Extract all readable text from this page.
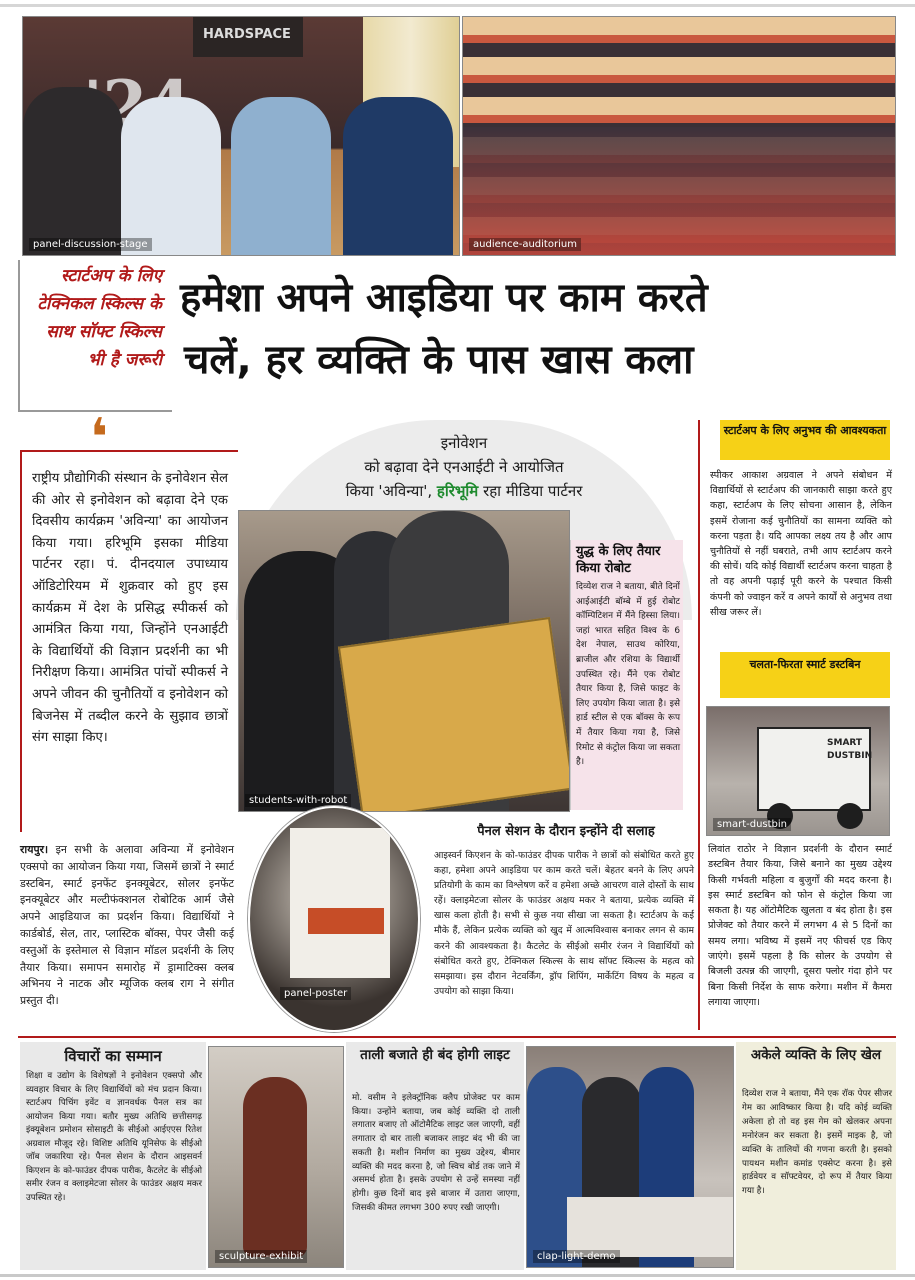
HARDSPACE
panel-discussion-stage	audience-auditorium
स्टार्टअप के लिए टेक्निकल स्किल्स के साथ सॉफ्ट स्किल्स भी है जरूरी
हमेशा अपने आइडिया पर काम करते
चलें, हर व्यक्ति के पास खास कला
❛
राष्ट्रीय प्रौद्योगिकी संस्थान के इनोवेशन सेल की ओर से इनोवेशन को बढ़ावा देने एक दिवसीय कार्यक्रम 'अविन्या' का आयोजन किया गया। हरिभूमि इसका मीडिया पार्टनर रहा। पं. दीनदयाल उपाध्याय ऑडिटोरियम में शुक्रवार को हुए इस कार्यक्रम में देश के प्रसिद्ध स्पीकर्स को आमंत्रित किया गया, जिन्होंने एनआईटी के विद्यार्थियों की विज्ञान प्रदर्शनी का भी निरीक्षण किया। आमंत्रित पांचों स्पीकर्स ने अपने जीवन की चुनौतियों व इनोवेशन को बिजनेस में तब्दील करने के सुझाव छात्रों संग साझा किए।
रायपुर। इन सभी के अलावा अविन्या में इनोवेशन एक्सपो का आयोजन किया गया, जिसमें छात्रों ने स्मार्ट डस्टबिन, स्मार्ट इनफेंट इनक्यूबेटर, सोलर इनफेंट इनक्यूबेटर और मल्टीफंक्शनल रोबोटिक आर्म जैसे अपने आइडियाज का प्रदर्शन किया। विद्यार्थियों ने कार्डबोर्ड, सेल, तार, प्लास्टिक बॉक्स, पेपर जैसी कई वस्तुओं के इस्तेमाल से विज्ञान मॉडल प्रदर्शनी के लिए तैयार किया। समापन समारोह में ड्रामाटिक्स क्लब अभिनय ने नाटक और म्यूजिक क्लब राग ने संगीत प्रस्तुत दी।
इनोवेशन
को बढ़ावा देने एनआईटी ने आयोजित
किया 'अविन्या', हरिभूमि रहा मीडिया पार्टनर
students-with-robot
युद्ध के लिए तैयार किया रोबोट
दिव्येश राज ने बताया, बीते दिनों आईआईटी बॉम्बे में हुई रोबोट कॉम्पिटिशन में मैंने हिस्सा लिया। जहां भारत सहित विश्व के 6 देश नेपाल, साउथ कोरिया, ब्राजील और रशिया के विद्यार्थी उपस्थित रहे। मैंने एक रोबोट तैयार किया है, जिसे फाइट के लिए उपयोग किया जाता है। इसे हार्ड स्टील से एक बॉक्स के रूप में तैयार किया गया है, जिसे रिमोट से कंट्रोल किया जा सकता है।
panel-poster
पैनल सेशन के दौरान इन्होंने दी सलाह
आइस्वर्न किएशन के को-फाउंडर दीपक पारीक ने छात्रों को संबोधित करते हुए कहा, हमेशा अपने आइडिया पर काम करते चलें। बेहतर बनने के लिए अपने प्रतियोगी के काम का विश्लेषण करें व हमेशा अच्छे आचरण वाले दोस्तों के साथ रहें। क्लाइमेटजा सोलर के फाउंडर अक्षय मकर ने बताया, प्रत्येक व्यक्ति में खास कला होती है। सभी से कुछ नया सीखा जा सकता है। स्टार्टअप के कई मौके हैं, लेकिन प्रत्येक व्यक्ति को खुद में आत्मविश्वास बनाकर लगन से काम करने की आवश्यकता है। कैटलेट के सीईओ समीर रंजन ने विद्यार्थियों को संबोधित करते हुए, टेक्निकल स्किल्स के साथ सॉफ्ट स्किल्स के महत्व को समझाया। इस दौरान नेटवर्किंग, ड्रॉप शिपिंग, मार्केटिंग विषय के महत्व व उपयोग को साझा किया।
स्टार्टअप के लिए अनुभव की आवश्यकता
स्पीकर आकाश अग्रवाल ने अपने संबोधन में विद्यार्थियों से स्टार्टअप की जानकारी साझा करते हुए कहा, स्टार्टअप के लिए सोचना आसान है, लेकिन इसमें रोजाना कई चुनौतियों का सामना व्यक्ति को करना पड़ता है। यदि आपका लक्ष्य तय है और आप चुनौतियों से नहीं घबराते, तभी आप स्टार्टअप करने की सोचें। यदि कोई विद्यार्थी स्टार्टअप करना चाहता है तो वह अपनी पढ़ाई पूरी करने के पश्चात किसी कंपनी को ज्वाइन करें व अपने कार्यों से अनुभव तथा सीख जरूर लें।
चलता-फिरता स्मार्ट डस्टबिन
SMART DUSTBIN
smart-dustbin
लिवांत राठोर ने विज्ञान प्रदर्शनी के दौरान स्मार्ट डस्टबिन तैयार किया, जिसे बनाने का मुख्य उद्देश्य किसी गर्भवती महिला व बुजुर्गों की मदद करना है। इस स्मार्ट डस्टबिन को फोन से कंट्रोल किया जा सकता है। यह ऑटोमैटिक खुलता व बंद होता है। इस प्रोजेक्ट को तैयार करने में लगभग 4 से 5 दिनों का समय लगा। भविष्य में इसमें नए फीचर्स एड किए जाएंगे। इसमें पहला है कि सोलर के उपयोग से बिजली उत्पन्न की जाएगी, दूसरा फ्लोर गंदा होने पर बिना किसी निर्देश के साफ करेगा। मशीन में कैमरा लगाया जाएगा।
विचारों का सम्मान
शिक्षा व उद्योग के विशेषज्ञों ने इनोवेशन एक्सपो और व्यवहार विचार के लिए विद्यार्थियों को मंच प्रदान किया। स्टार्टअप पिचिंग इवेंट व ज्ञानवर्धक पैनल सत्र का आयोजन किया गया। बतौर मुख्य अतिथि छत्तीसगढ़ इंक्यूबेशन प्रमोशन सोसाइटी के सीईओ आईएएस रितेश अग्रवाल मौजूद रहे। विशिष्ट अतिथि यूनिसेफ के सीईओ जॉब जकारिया रहे। पैनल सेशन के दौरान आइसवर्न किएशन के को-फाउंडर दीपक पारीक, कैटलेट के सीईओ समीर रंजन व क्लाइमेटजा सोलर के फाउंडर अक्षय मकर उपस्थित रहे।
sculpture-exhibit
ताली बजाते ही बंद होगी लाइट
मो. वसीम ने इलेक्ट्रॉनिक क्लैप प्रोजेक्ट पर काम किया। उन्होंने बताया, जब कोई व्यक्ति दो ताली लगातार बजाए तो ऑटोमैटिक लाइट जल जाएगी, वहीं लगातार दो बार ताली बजाकर लाइट बंद भी की जा सकती है। मशीन निर्माण का मुख्य उद्देश्य, बीमार व्यक्ति की मदद करना है, जो स्विच बोर्ड तक जाने में असमर्थ होता है। इसके उपयोग से उन्हें समस्या नहीं होगी। कुछ दिनों बाद इसे बाजार में उतारा जाएगा, जिसकी कीमत लगभग 300 रुपए रखी जाएगी।
clap-light-demo
अकेले व्यक्ति के लिए खेल
दिव्येश राज ने बताया, मैंने एक रॉक पेपर सीजर गेम का आविष्कार किया है। यदि कोई व्यक्ति अकेला हो तो वह इस गेम को खेलकर अपना मनोरंजन कर सकता है। इसमें माइक है, जो व्यक्ति के तालियों की गणना करती है। इसको पायथन मशीन कमांड एक्सेप्ट करना है। इसे हार्डवेयर व सॉफ्टवेयर, दो रूप में तैयार किया गया है।
